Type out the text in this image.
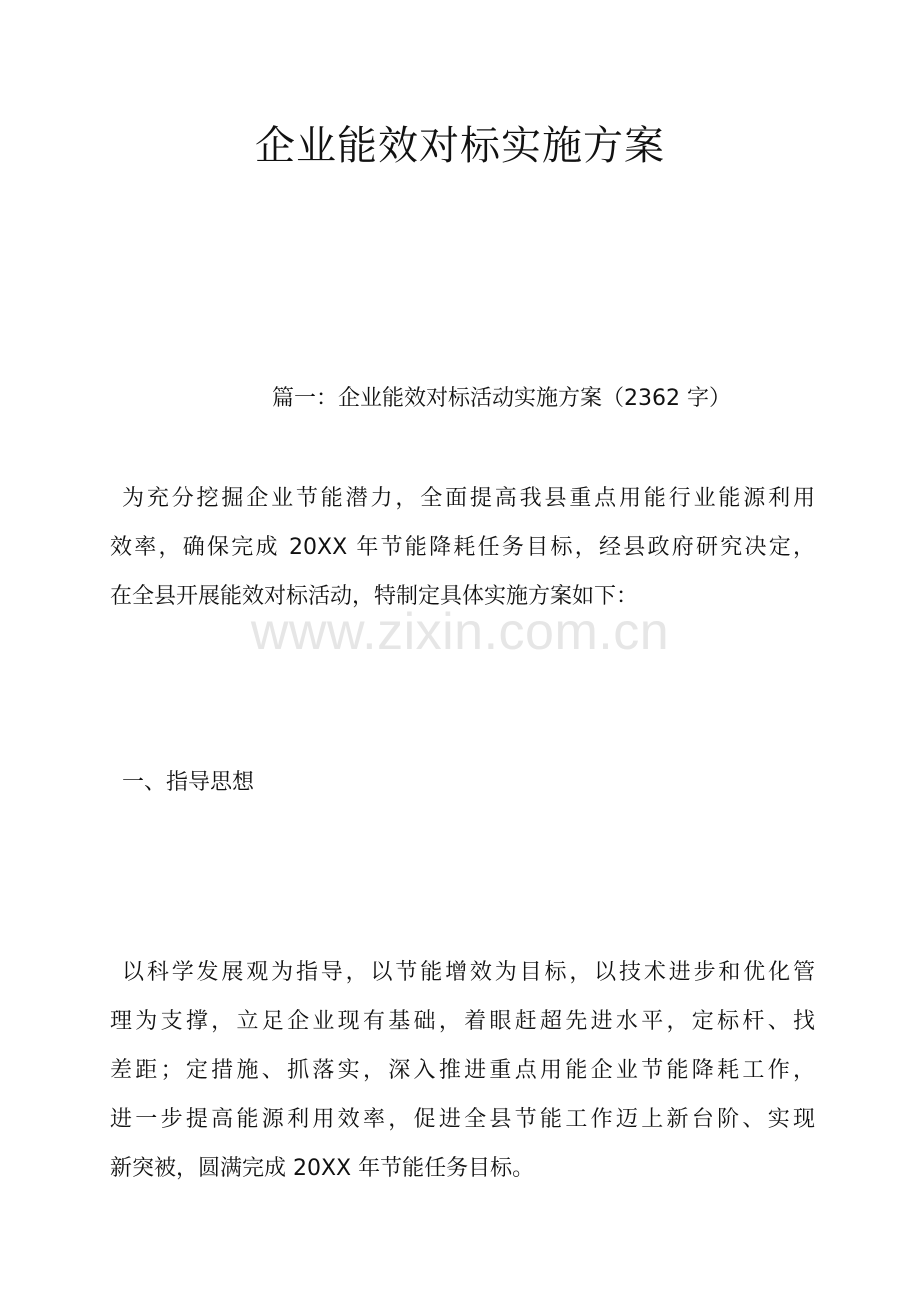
企业能效对标实施方案

篇一：企业能效对标活动实施方案（2362 字）

为充分挖掘企业节能潜力，全面提高我县重点用能行业能源利用
效率，确保完成 20XX 年节能降耗任务目标，经县政府研究决定，
在全县开展能效对标活动，特制定具体实施方案如下：
www.zixin.com.cn

一、指导思想

以科学发展观为指导，以节能增效为目标，以技术进步和优化管
理为支撑，立足企业现有基础，着眼赶超先进水平，定标杆、找
差距；定措施、抓落实，深入推进重点用能企业节能降耗工作，
进一步提高能源利用效率，促进全县节能工作迈上新台阶、实现
新突被，圆满完成 20XX 年节能任务目标。
